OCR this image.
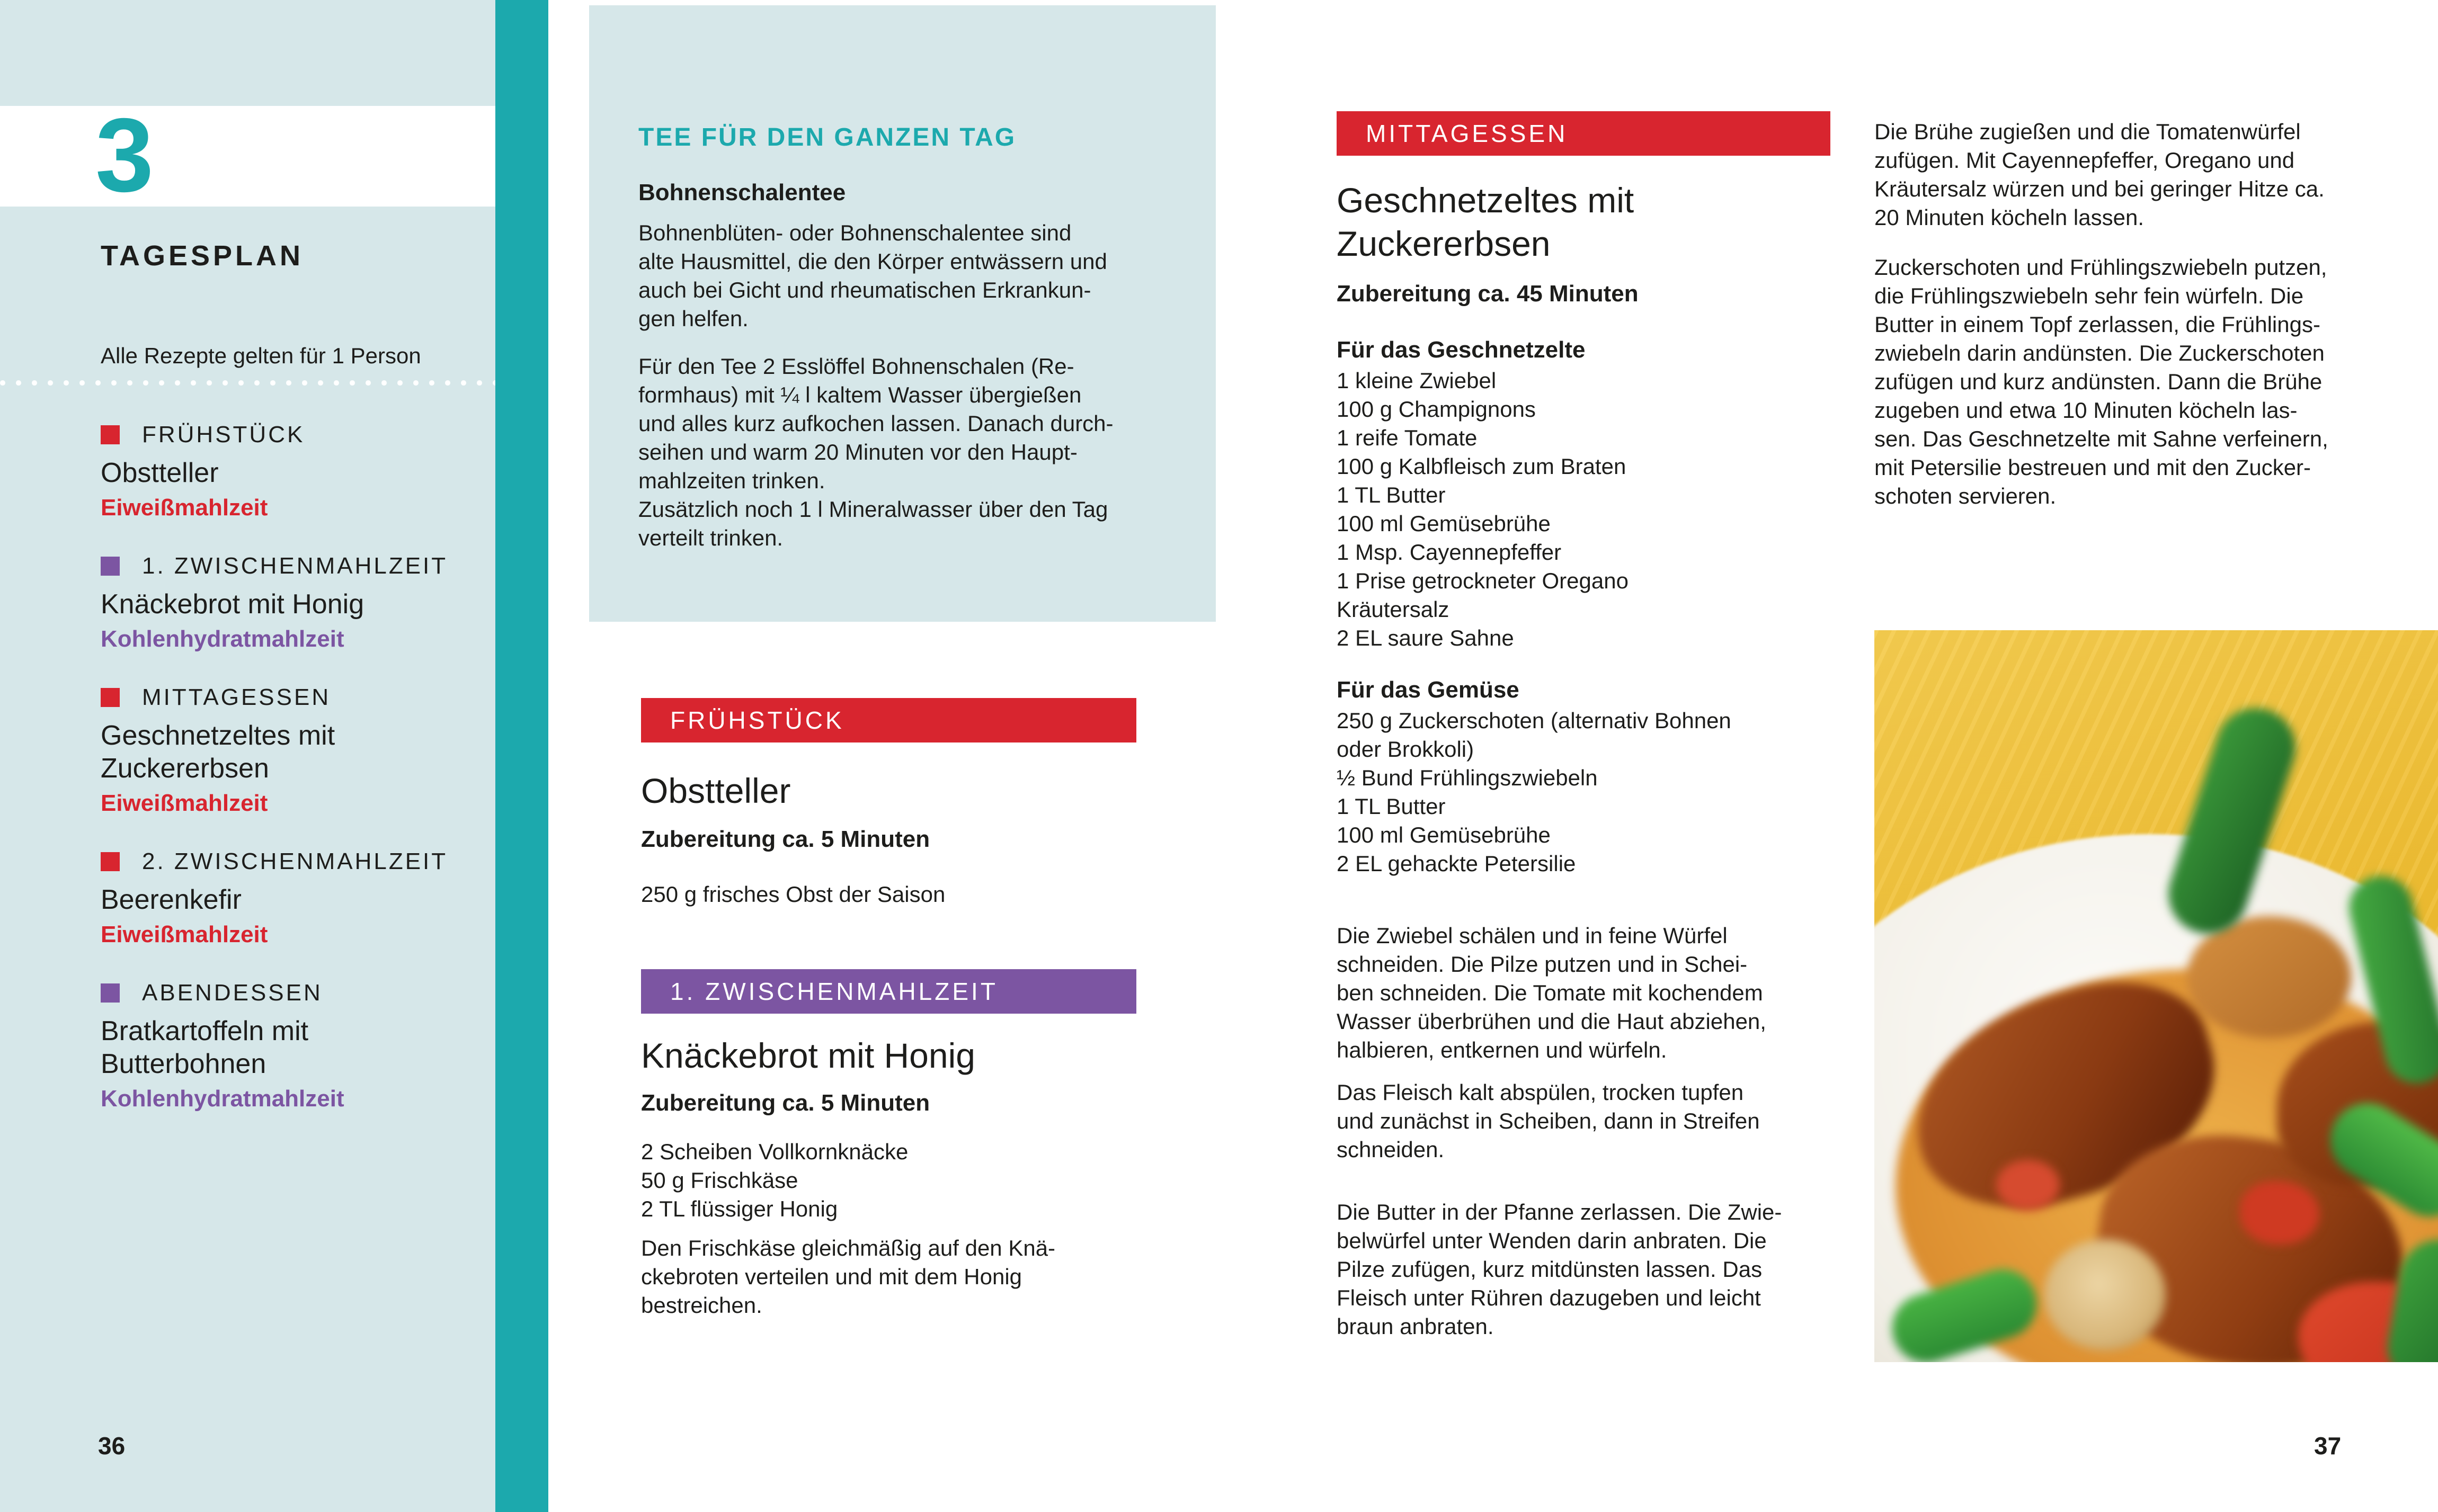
3
TAGESPLAN
Alle Rezepte gelten für 1 Person
FRÜHSTÜCK
Obstteller
Eiweißmahlzeit
1. ZWISCHENMAHLZEIT
Knäckebrot mit Honig
Kohlenhydratmahlzeit
MITTAGESSEN
Geschnetzeltes mit
Zuckererbsen
Eiweißmahlzeit
2. ZWISCHENMAHLZEIT
Beerenkefir
Eiweißmahlzeit
ABENDESSEN
Bratkartoffeln mit
Butterbohnen
Kohlenhydratmahlzeit
36
TEE FÜR DEN GANZEN TAG
Bohnenschalentee
Bohnenblüten- oder Bohnenschalentee sind
alte Hausmittel, die den Körper entwässern und
auch bei Gicht und rheumatischen Erkrankun-
gen helfen.
Für den Tee 2 Esslöffel Bohnenschalen (Re-
formhaus) mit ¼ l kaltem Wasser übergießen
und alles kurz aufkochen lassen. Danach durch-
seihen und warm 20 Minuten vor den Haupt-
mahlzeiten trinken.
Zusätzlich noch 1 l Mineralwasser über den Tag
verteilt trinken.
FRÜHSTÜCK
Obstteller
Zubereitung ca. 5 Minuten
250 g frisches Obst der Saison
1. ZWISCHENMAHLZEIT
Knäckebrot mit Honig
Zubereitung ca. 5 Minuten
2 Scheiben Vollkornknäcke
50 g Frischkäse
2 TL flüssiger Honig
Den Frischkäse gleichmäßig auf den Knä-
ckebroten verteilen und mit dem Honig
bestreichen.
MITTAGESSEN
Geschnetzeltes mit
Zuckererbsen
Zubereitung ca. 45 Minuten
Für das Geschnetzelte
1 kleine Zwiebel
100 g Champignons
1 reife Tomate
100 g Kalbfleisch zum Braten
1 TL Butter
100 ml Gemüsebrühe
1 Msp. Cayennepfeffer
1 Prise getrockneter Oregano
Kräutersalz
2 EL saure Sahne
Für das Gemüse
250 g Zuckerschoten (alternativ Bohnen
oder Brokkoli)
½ Bund Frühlingszwiebeln
1 TL Butter
100 ml Gemüsebrühe
2 EL gehackte Petersilie
Die Zwiebel schälen und in feine Würfel
schneiden. Die Pilze putzen und in Schei-
ben schneiden. Die Tomate mit kochendem
Wasser überbrühen und die Haut abziehen,
halbieren, entkernen und würfeln.
Das Fleisch kalt abspülen, trocken tupfen
und zunächst in Scheiben, dann in Streifen
schneiden.
Die Butter in der Pfanne zerlassen. Die Zwie-
belwürfel unter Wenden darin anbraten. Die
Pilze zufügen, kurz mitdünsten lassen. Das
Fleisch unter Rühren dazugeben und leicht
braun anbraten.
Die Brühe zugießen und die Tomatenwürfel
zufügen. Mit Cayennepfeffer, Oregano und
Kräutersalz würzen und bei geringer Hitze ca.
20 Minuten köcheln lassen.
Zuckerschoten und Frühlingszwiebeln putzen,
die Frühlingszwiebeln sehr fein würfeln. Die
Butter in einem Topf zerlassen, die Frühlings-
zwiebeln darin andünsten. Die Zuckerschoten
zufügen und kurz andünsten. Dann die Brühe
zugeben und etwa 10 Minuten köcheln las-
sen. Das Geschnetzelte mit Sahne verfeinern,
mit Petersilie bestreuen und mit den Zucker-
schoten servieren.
37
